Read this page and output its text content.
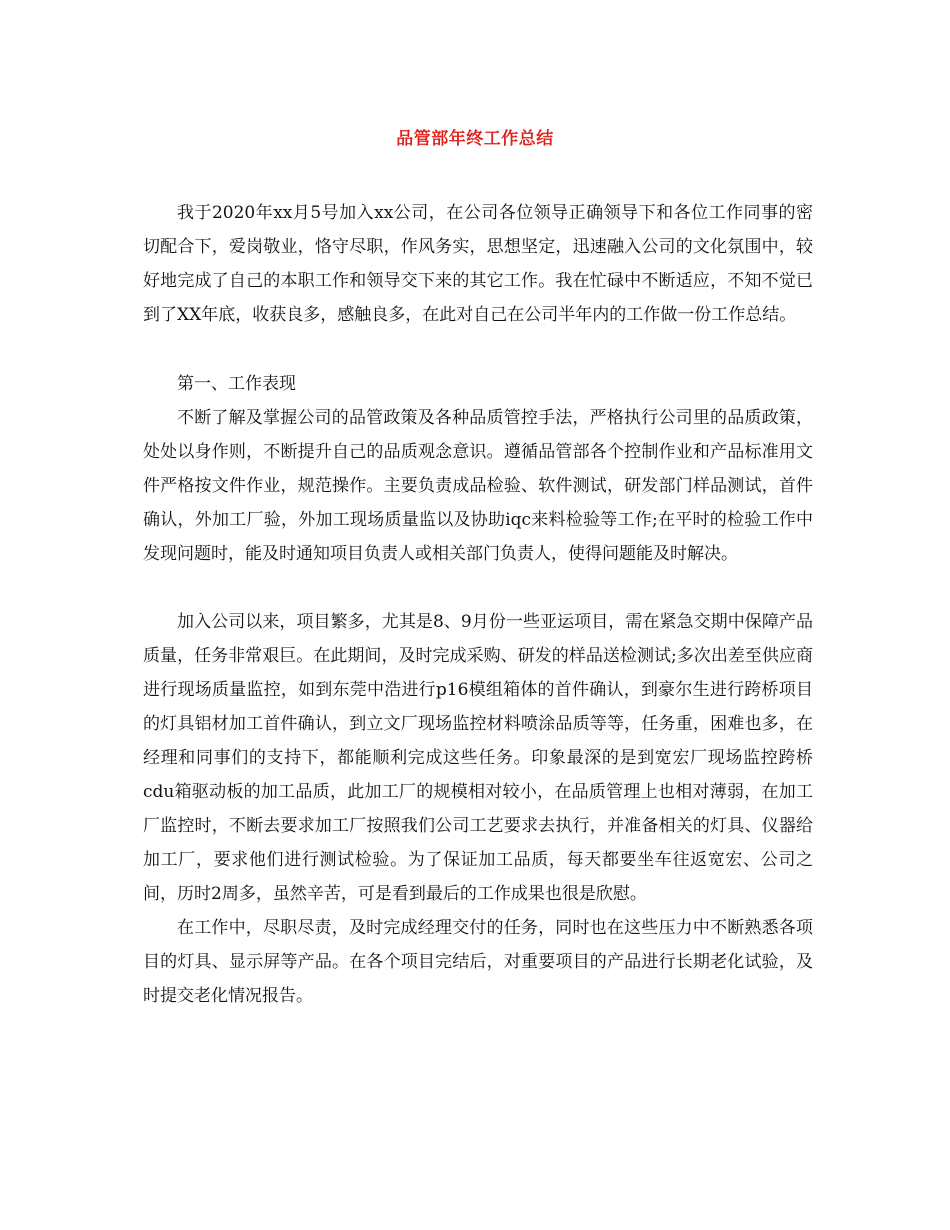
品管部年终工作总结

我于2020年xx月5号加入xx公司，在公司各位领导正确领导下和各位工作同事的密切配合下，爱岗敬业，恪守尽职，作风务实，思想坚定，迅速融入公司的文化氛围中，较好地完成了自己的本职工作和领导交下来的其它工作。我在忙碌中不断适应，不知不觉已到了XX年底，收获良多，感触良多，在此对自己在公司半年内的工作做一份工作总结。

第一、工作表现

不断了解及掌握公司的品管政策及各种品质管控手法，严格执行公司里的品质政策，处处以身作则，不断提升自己的品质观念意识。遵循品管部各个控制作业和产品标准用文件严格按文件作业，规范操作。主要负责成品检验、软件测试，研发部门样品测试，首件确认，外加工厂验，外加工现场质量监以及协助iqc来料检验等工作;在平时的检验工作中发现问题时，能及时通知项目负责人或相关部门负责人，使得问题能及时解决。

加入公司以来，项目繁多，尤其是8、9月份一些亚运项目，需在紧急交期中保障产品质量，任务非常艰巨。在此期间，及时完成采购、研发的样品送检测试;多次出差至供应商进行现场质量监控，如到东莞中浩进行p16模组箱体的首件确认，到豪尔生进行跨桥项目的灯具铝材加工首件确认，到立文厂现场监控材料喷涂品质等等，任务重，困难也多，在经理和同事们的支持下，都能顺利完成这些任务。印象最深的是到宽宏厂现场监控跨桥cdu箱驱动板的加工品质，此加工厂的规模相对较小，在品质管理上也相对薄弱，在加工厂监控时，不断去要求加工厂按照我们公司工艺要求去执行，并准备相关的灯具、仪器给加工厂，要求他们进行测试检验。为了保证加工品质，每天都要坐车往返宽宏、公司之间，历时2周多，虽然辛苦，可是看到最后的工作成果也很是欣慰。

在工作中，尽职尽责，及时完成经理交付的任务，同时也在这些压力中不断熟悉各项目的灯具、显示屏等产品。在各个项目完结后，对重要项目的产品进行长期老化试验，及时提交老化情况报告。
